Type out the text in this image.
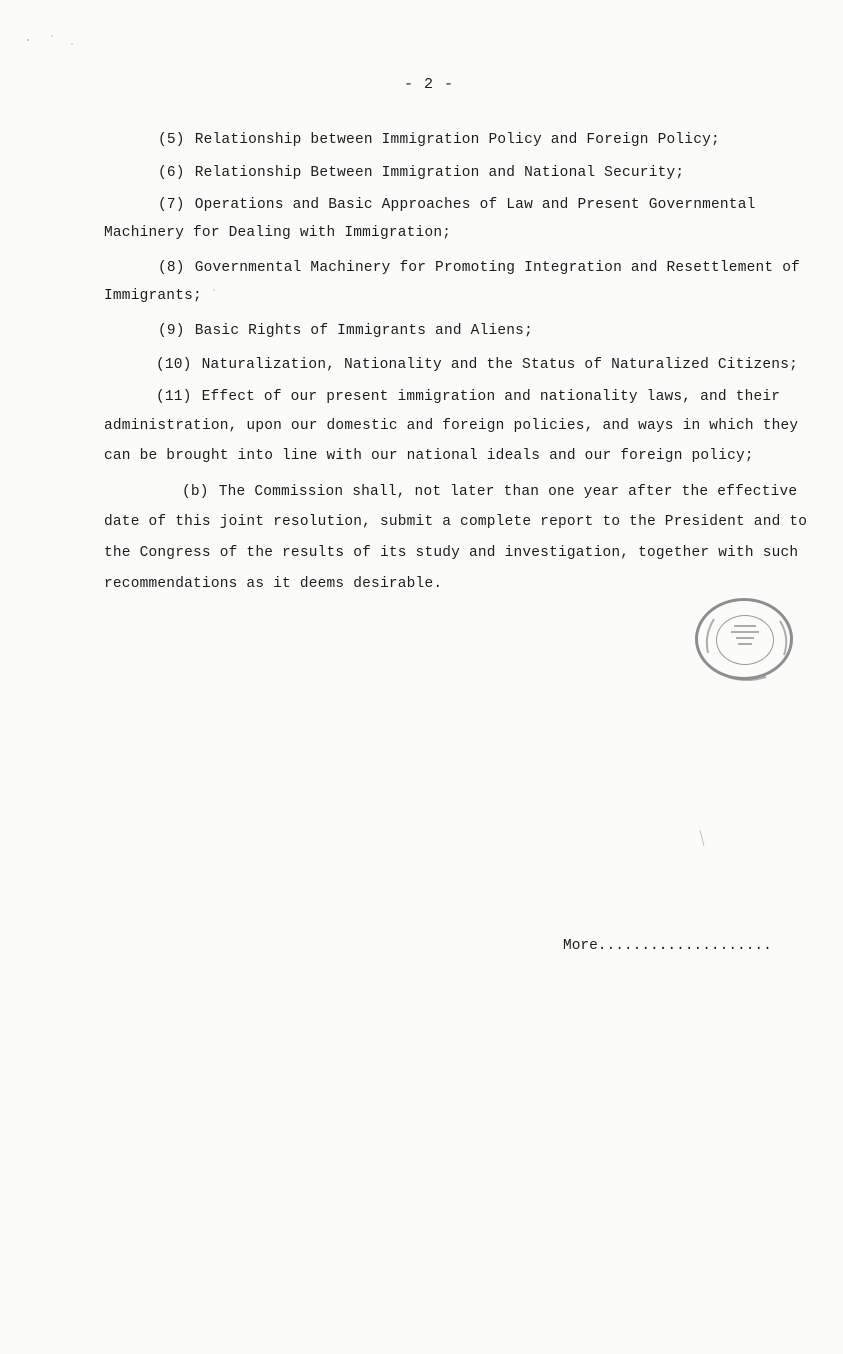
- 2 -
(5) Relationship between Immigration Policy and Foreign Policy;
(6) Relationship Between Immigration and National Security;
(7) Operations and Basic Approaches of Law and Present Governmental
Machinery for Dealing with Immigration;
(8) Governmental Machinery for Promoting Integration and Resettlement of
Immigrants;
(9) Basic Rights of Immigrants and Aliens;
(10) Naturalization, Nationality and the Status of Naturalized Citizens;
(11) Effect of our present immigration and nationality laws, and their
administration, upon our domestic and foreign policies, and ways in which they
can be brought into line with our national ideals and our foreign policy;
(b) The Commission shall, not later than one year after the effective
date of this joint resolution, submit a complete report to the President and to
the Congress of the results of its study and investigation, together with such
recommendations as it deems desirable.
More....................
